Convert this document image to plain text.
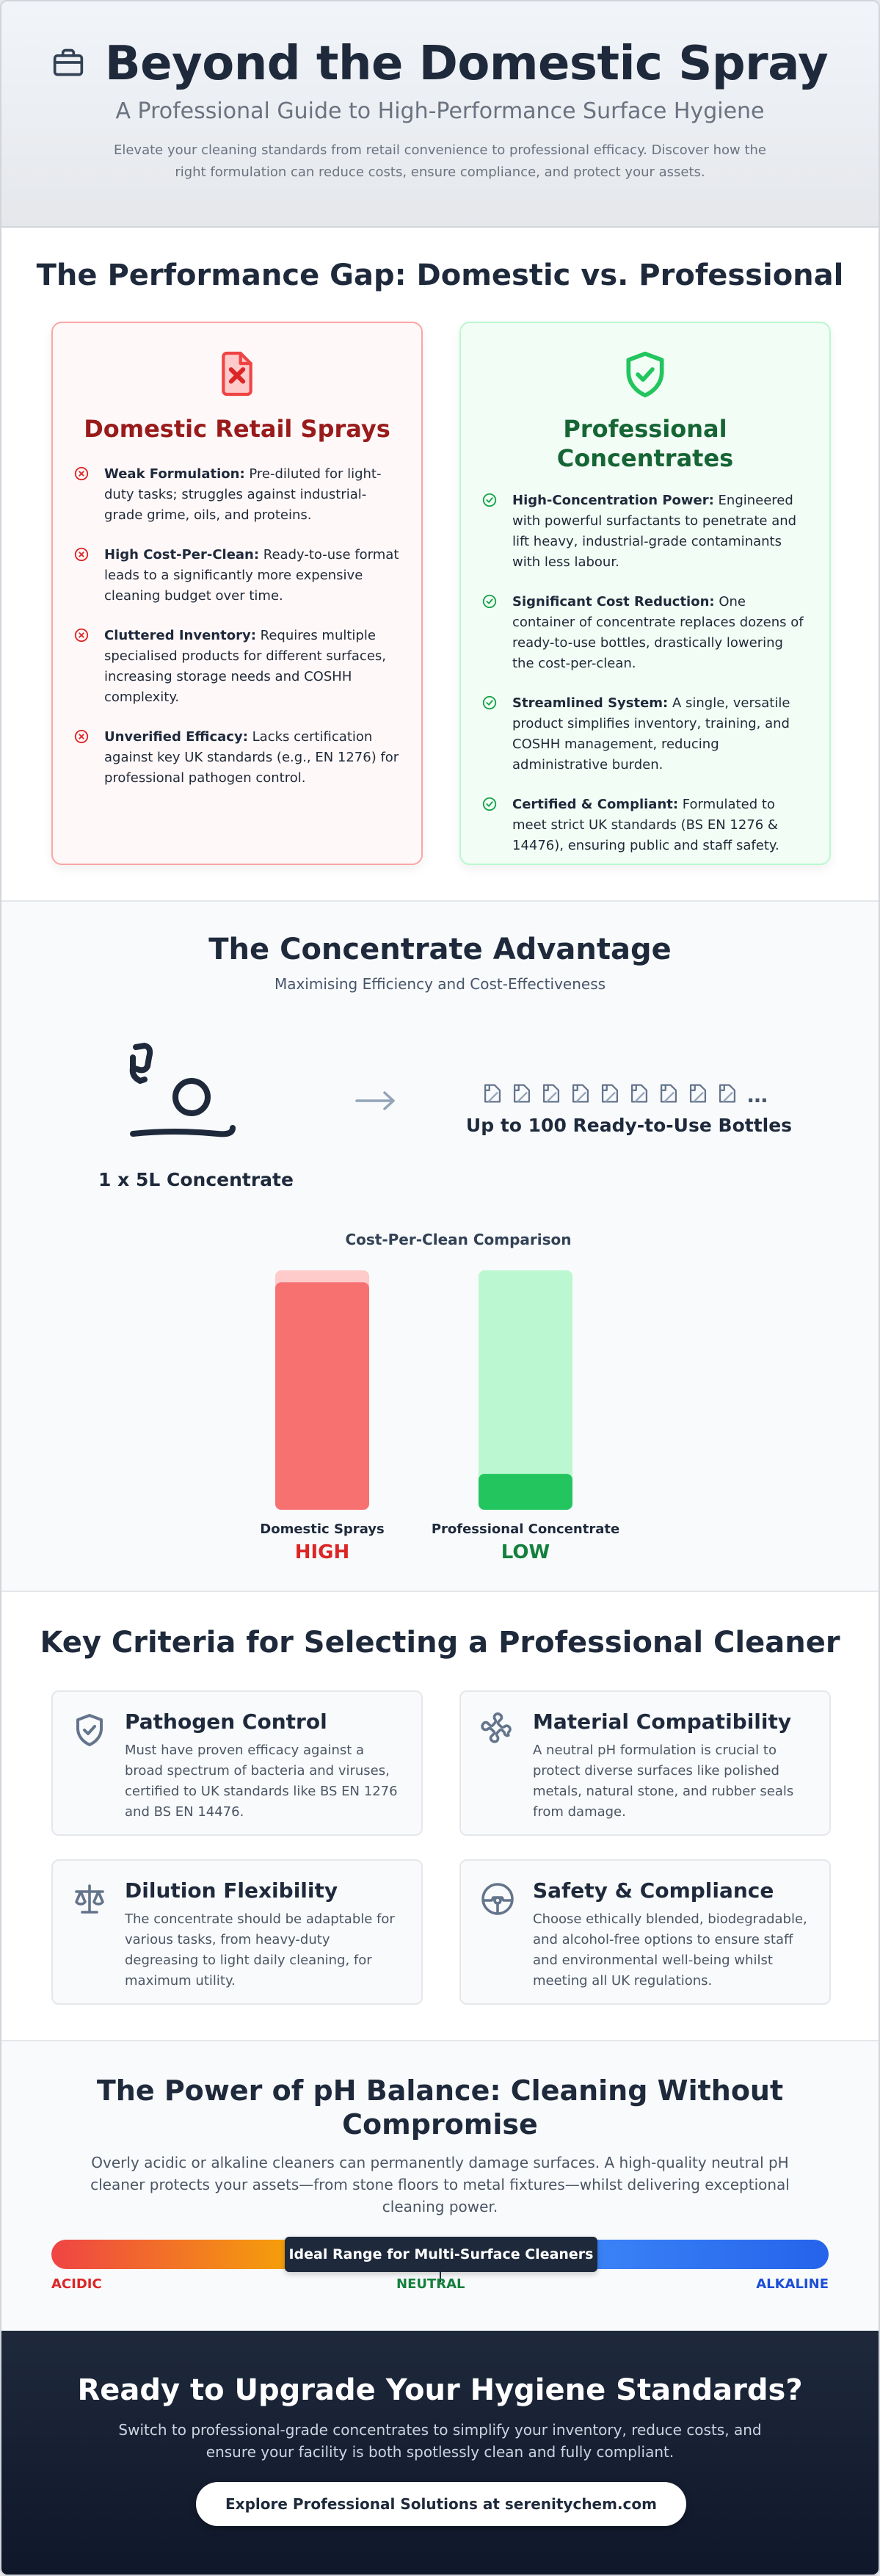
Beyond the Domestic Spray
A Professional Guide to High-Performance Surface Hygiene
Elevate your cleaning standards from retail convenience to professional efficacy. Discover how the right formulation can reduce costs, ensure compliance, and protect your assets.
The Performance Gap: Domestic vs. Professional
Domestic Retail Sprays
Weak Formulation: Pre-diluted for light-duty tasks; struggles against industrial-grade grime, oils, and proteins.
High Cost-Per-Clean: Ready-to-use format leads to a significantly more expensive cleaning budget over time.
Cluttered Inventory: Requires multiple specialised products for different surfaces, increasing storage needs and COSHH complexity.
Unverified Efficacy: Lacks certification against key UK standards (e.g., EN 1276) for professional pathogen control.
Professional Concentrates
High-Concentration Power: Engineered with powerful surfactants to penetrate and lift heavy, industrial-grade contaminants with less labour.
Significant Cost Reduction: One container of concentrate replaces dozens of ready-to-use bottles, drastically lowering the cost-per-clean.
Streamlined System: A single, versatile product simplifies inventory, training, and COSHH management, reducing administrative burden.
Certified & Compliant: Formulated to meet strict UK standards (BS EN 1276 & 14476), ensuring public and staff safety.
The Concentrate Advantage
Maximising Efficiency and Cost-Effectiveness
1 x 5L Concentrate
…
Up to 100 Ready-to-Use Bottles
Cost-Per-Clean Comparison
Domestic Sprays
HIGH
Professional Concentrate
LOW
Key Criteria for Selecting a Professional Cleaner
Pathogen Control

Must have proven efficacy against a broad spectrum of bacteria and viruses, certified to UK standards like BS EN 1276 and BS EN 14476.

Material Compatibility

A neutral pH formulation is crucial to protect diverse surfaces like polished metals, natural stone, and rubber seals from damage.

Dilution Flexibility

The concentrate should be adaptable for various tasks, from heavy-duty degreasing to light daily cleaning, for maximum utility.

Safety & Compliance

Choose ethically blended, biodegradable, and alcohol-free options to ensure staff and environmental well-being whilst meeting all UK regulations.

The Power of pH Balance: Cleaning Without Compromise
Overly acidic or alkaline cleaners can permanently damage surfaces. A high-quality neutral pH cleaner protects your assets—from stone floors to metal fixtures—whilst delivering exceptional cleaning power.
Ideal Range for Multi-Surface Cleaners
ACIDIC	NEUTRAL	ALKALINE
Ready to Upgrade Your Hygiene Standards?

Switch to professional-grade concentrates to simplify your inventory, reduce costs, and ensure your facility is both spotlessly clean and fully compliant.

Explore Professional Solutions at serenitychem.com
